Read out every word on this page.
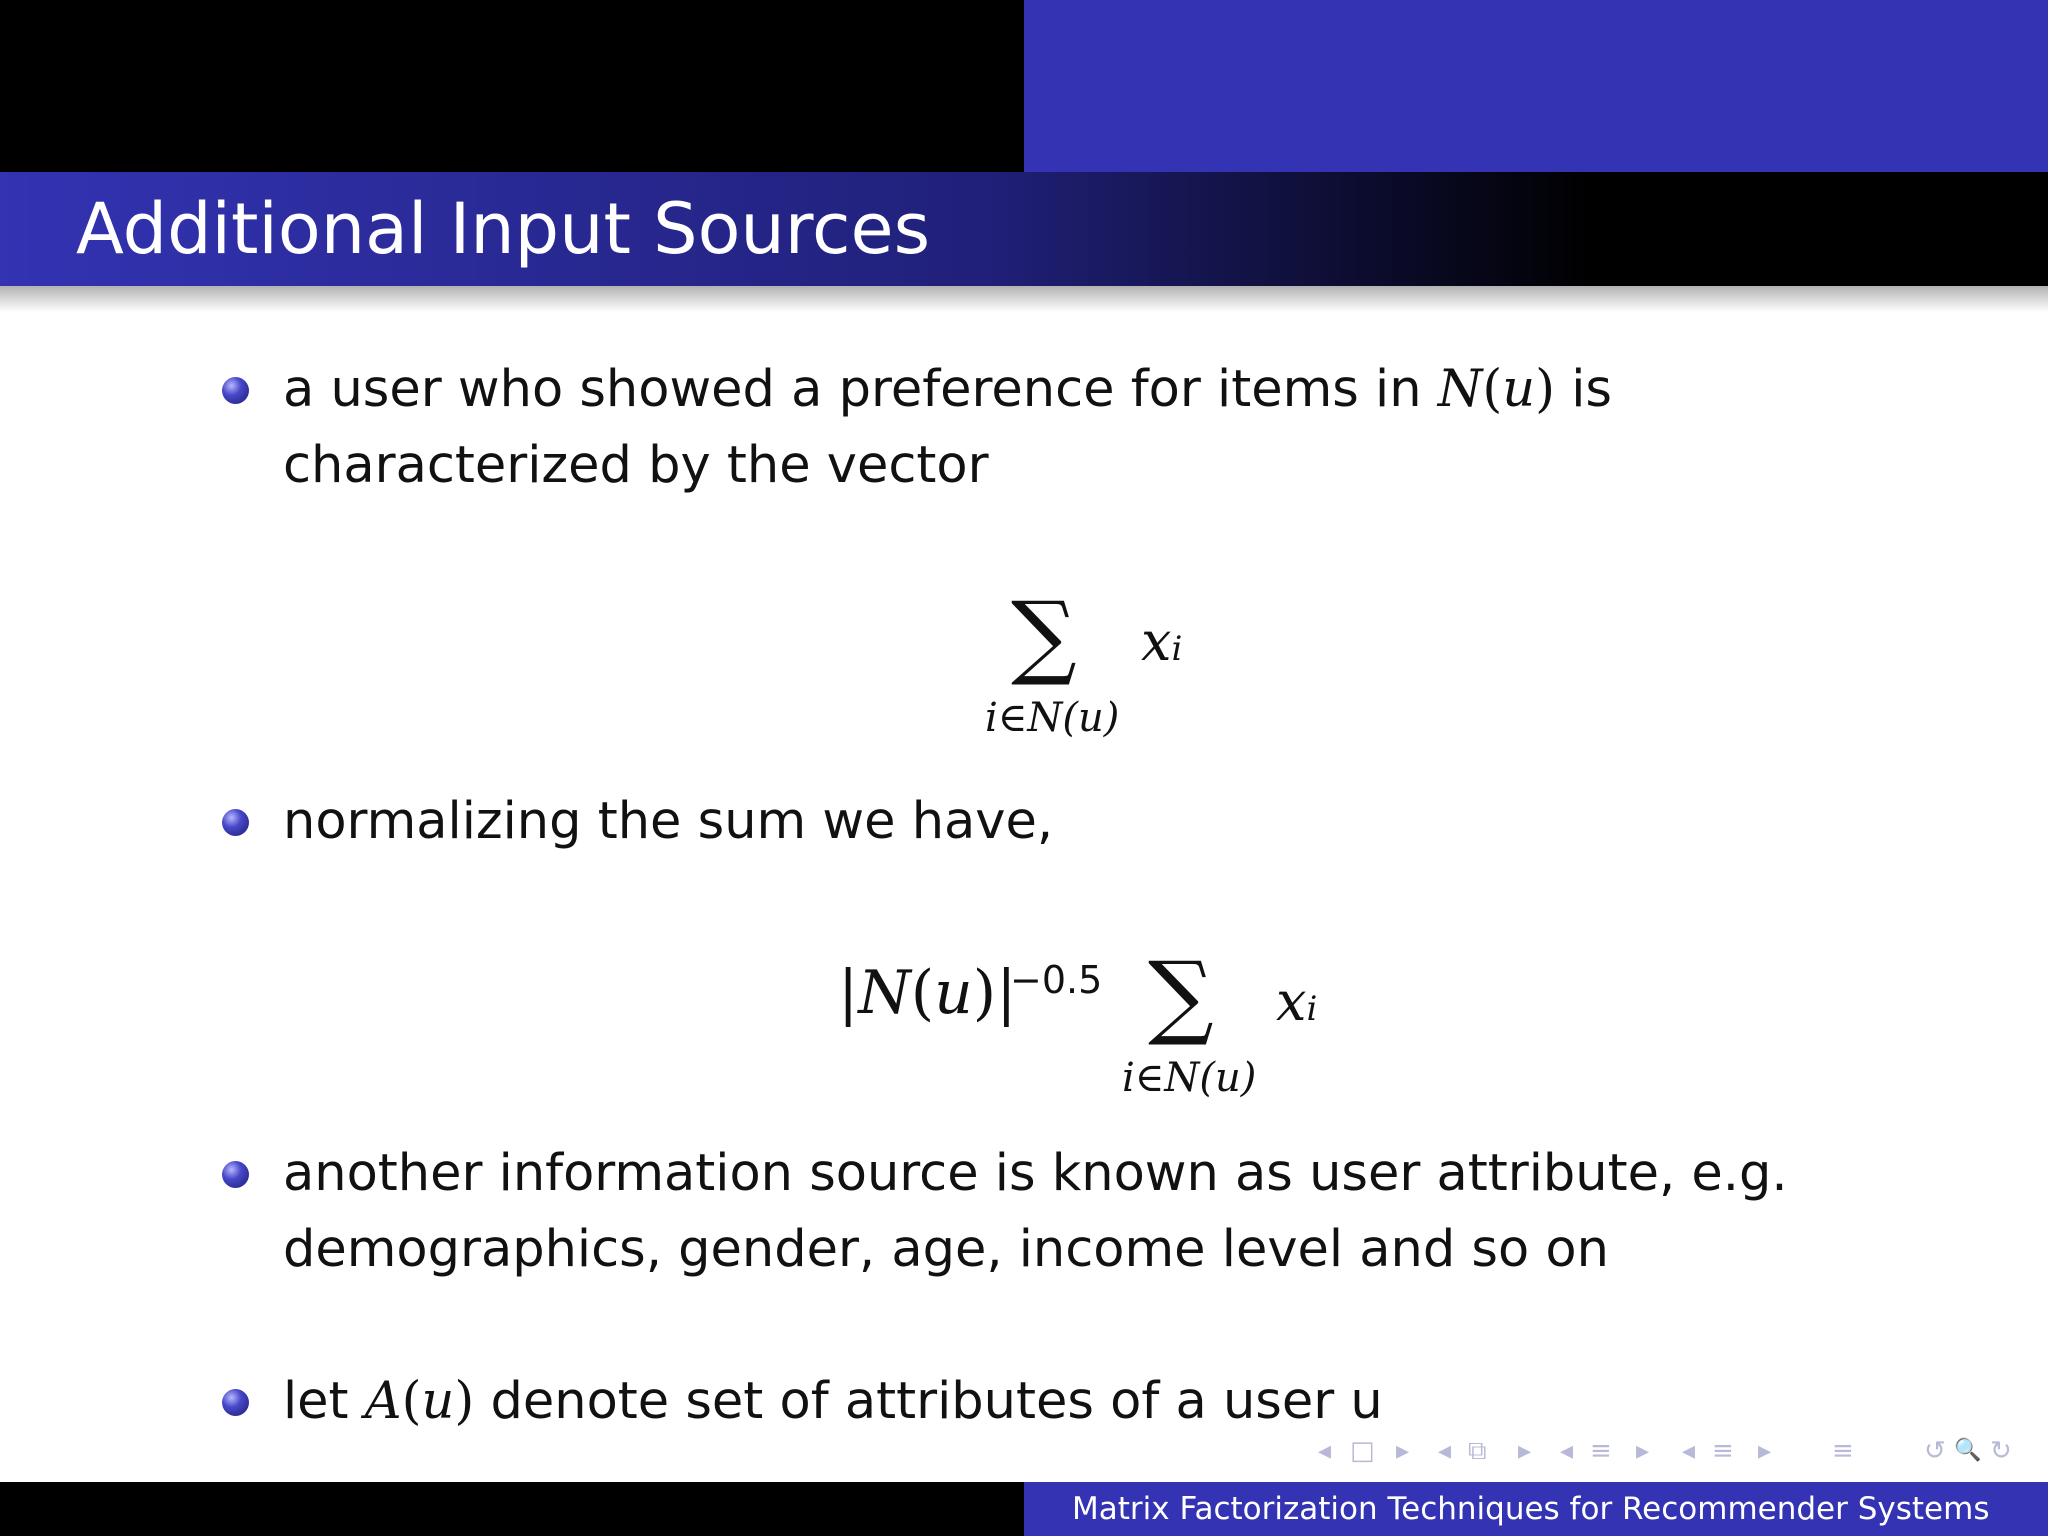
Additional Input Sources
a user who showed a preference for items in N(u) is characterized by the vector
∑
i∈N(u)
xi
normalizing the sum we have,
|N(u)|
−0.5 ∑
i∈N(u)
xi
another information source is known as user attribute, e.g. demographics, gender, age, income level and so on
let A(u) denote set of attributes of a user u
◂ □ ▸ ◂ ⧉ ▸ ◂ ≡ ▸ ◂ ≡ ▸ ≡	↺ 🔍 ↻
Matrix Factorization Techniques for Recommender Systems
